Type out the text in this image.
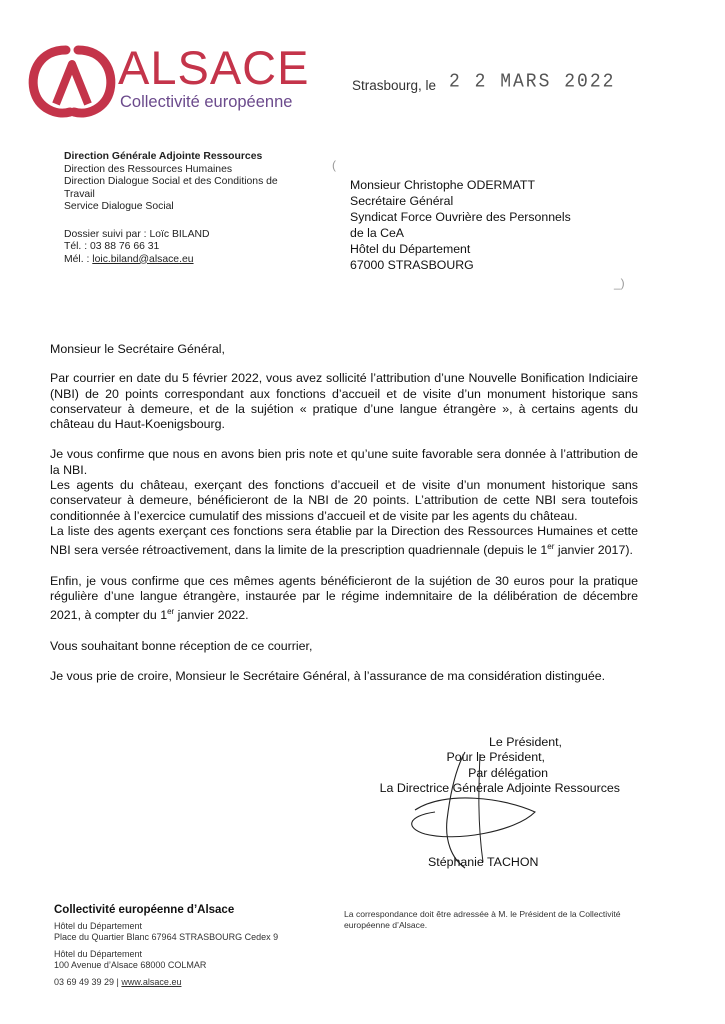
ALSACE
Collectivité européenne
Strasbourg, le 2 2 MARS 2022
Direction Générale Adjointe Ressources
Direction des Ressources Humaines
Direction Dialogue Social et des Conditions de Travail
Service Dialogue Social
Dossier suivi par : Loïc BILAND
Tél. : 03 88 76 66 31
Mél. : loic.biland@alsace.eu
(
Monsieur Christophe ODERMATT
Secrétaire Général
Syndicat Force Ouvrière des Personnels
de la CeA
Hôtel du Département
67000 STRASBOURG
_)

Monsieur le Secrétaire Général,

Par courrier en date du 5 février 2022, vous avez sollicité l’attribution d’une Nouvelle Bonification Indiciaire (NBI) de 20 points correspondant aux fonctions d’accueil et de visite d’un monument historique sans conservateur à demeure, et de la sujétion « pratique d’une langue étrangère », à certains agents du château du Haut-Koenigsbourg.

Je vous confirme que nous en avons bien pris note et qu’une suite favorable sera donnée à l’attribution de la NBI.

Les agents du château, exerçant des fonctions d’accueil et de visite d’un monument historique sans conservateur à demeure, bénéficieront de la NBI de 20 points. L’attribution de cette NBI sera toutefois conditionnée à l’exercice cumulatif des missions d’accueil et de visite par les agents du château.

La liste des agents exerçant ces fonctions sera établie par la Direction des Ressources Humaines et cette NBI sera versée rétroactivement, dans la limite de la prescription quadriennale (depuis le 1er janvier 2017).

Enfin, je vous confirme que ces mêmes agents bénéficieront de la sujétion de 30 euros pour la pratique régulière d’une langue étrangère, instaurée par le régime indemnitaire de la délibération de décembre 2021, à compter du 1er janvier 2022.

Vous souhaitant bonne réception de ce courrier,

Je vous prie de croire, Monsieur le Secrétaire Général, à l’assurance de ma considération distinguée.

Le Président,
Pour le Président,
Par délégation
La Directrice Générale Adjointe Ressources
Stéphanie TACHON
Collectivité européenne d’Alsace
Hôtel du Département
Place du Quartier Blanc 67964 STRASBOURG Cedex 9
Hôtel du Département
100 Avenue d’Alsace 68000 COLMAR
03 69 49 39 29 | www.alsace.eu
La correspondance doit être adressée à M. le Président de la Collectivité européenne d’Alsace.
